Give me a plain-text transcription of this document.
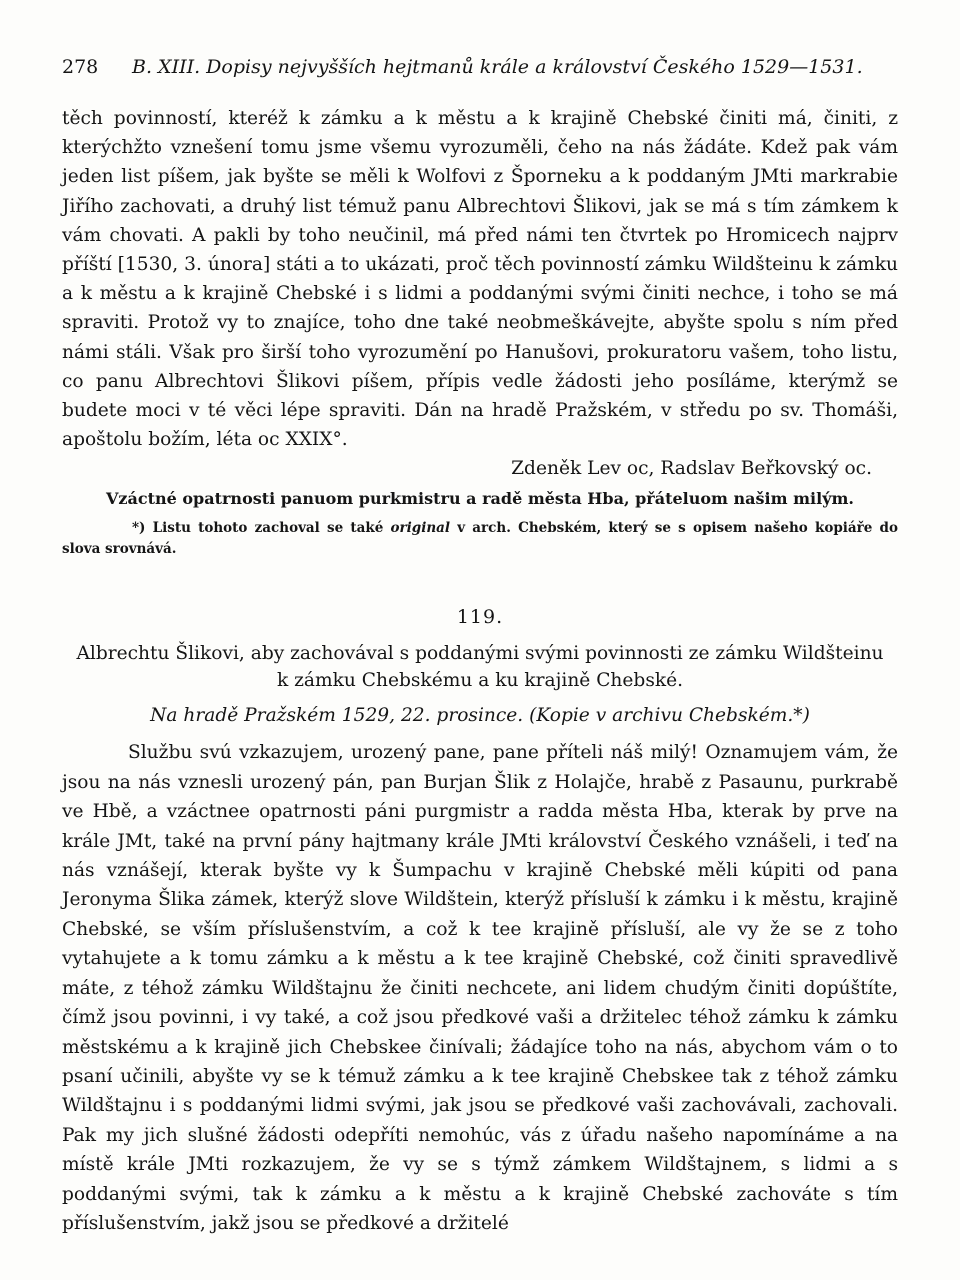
278	B. XIII. Dopisy nejvyšších hejtmanů krále a království Českého 1529—1531.

těch povinností, kteréž k zámku a k městu a k krajině Chebské činiti má, činiti, z kterýchžto vznešení tomu jsme všemu vyrozuměli, čeho na nás žádáte. Kdež pak vám jeden list píšem, jak byšte se měli k Wolfovi z Šporneku a k poddaným JMti markrabie Jiřího zachovati, a druhý list témuž panu Albrechtovi Šlikovi, jak se má s tím zámkem k vám chovati. A pakli by toho neučinil, má před námi ten čtvrtek po Hromicech najprv příští [1530, 3. února] státi a to ukázati, proč těch povinností zámku Wildšteinu k zámku a k městu a k krajině Chebské i s lidmi a poddanými svými činiti nechce, i toho se má spraviti. Protož vy to znajíce, toho dne také neobmeškávejte, abyšte spolu s ním před námi stáli. Však pro širší toho vyrozumění po Hanušovi, prokuratoru vašem, toho listu, co panu Albrechtovi Šlikovi píšem, přípis vedle žádosti jeho posíláme, kterýmž se budete moci v té věci lépe spraviti. Dán na hradě Pražském, v středu po sv. Thomáši, apoštolu božím, léta oc XXIX°.

Zdeněk Lev oc, Radslav Beřkovský oc.
Vzáctné opatrnosti panuom purkmistru a radě města Hba, přáteluom našim milým.
*) Listu tohoto zachoval se také original v arch. Chebském, který se s opisem našeho kopiáře do slova srovnává.
119.
Albrechtu Šlikovi, aby zachovával s poddanými svými povinnosti ze zámku Wildšteinu k zámku Chebskému a ku krajině Chebské.
Na hradě Pražském 1529, 22. prosince. (Kopie v archivu Chebském.*)

Službu svú vzkazujem, urozený pane, pane příteli náš milý! Oznamujem vám, že jsou na nás vznesli urozený pán, pan Burjan Šlik z Holajče, hrabě z Pasaunu, purkrabě ve Hbě, a vzáctnee opatrnosti páni purgmistr a radda města Hba, kterak by prve na krále JMt, také na první pány hajtmany krále JMti království Českého vznášeli, i teď na nás vznášejí, kterak byšte vy k Šumpachu v krajině Chebské měli kúpiti od pana Jeronyma Šlika zámek, kterýž slove Wildštein, kterýž přísluší k zámku i k městu, krajině Chebské, se vším příslušenstvím, a což k tee krajině přísluší, ale vy že se z toho vytahujete a k tomu zámku a k městu a k tee krajině Chebské, což činiti spravedlivě máte, z téhož zámku Wildštajnu že činiti nechcete, ani lidem chudým činiti dopúštíte, čímž jsou povinni, i vy také, a což jsou předkové vaši a držitelec téhož zámku k zámku městskému a k krajině jich Chebskee činívali; žádajíce toho na nás, abychom vám o to psaní učinili, abyšte vy se k témuž zámku a k tee krajině Chebskee tak z téhož zámku Wildštajnu i s poddanými lidmi svými, jak jsou se předkové vaši zachovávali, zachovali. Pak my jich slušné žádosti odepříti nemohúc, vás z úřadu našeho napomínáme a na místě krále JMti rozkazujem, že vy se s týmž zámkem Wildštajnem, s lidmi a s poddanými svými, tak k zámku a k městu a k krajině Chebské zachováte s tím příslušenstvím, jakž jsou se předkové a držitelé
